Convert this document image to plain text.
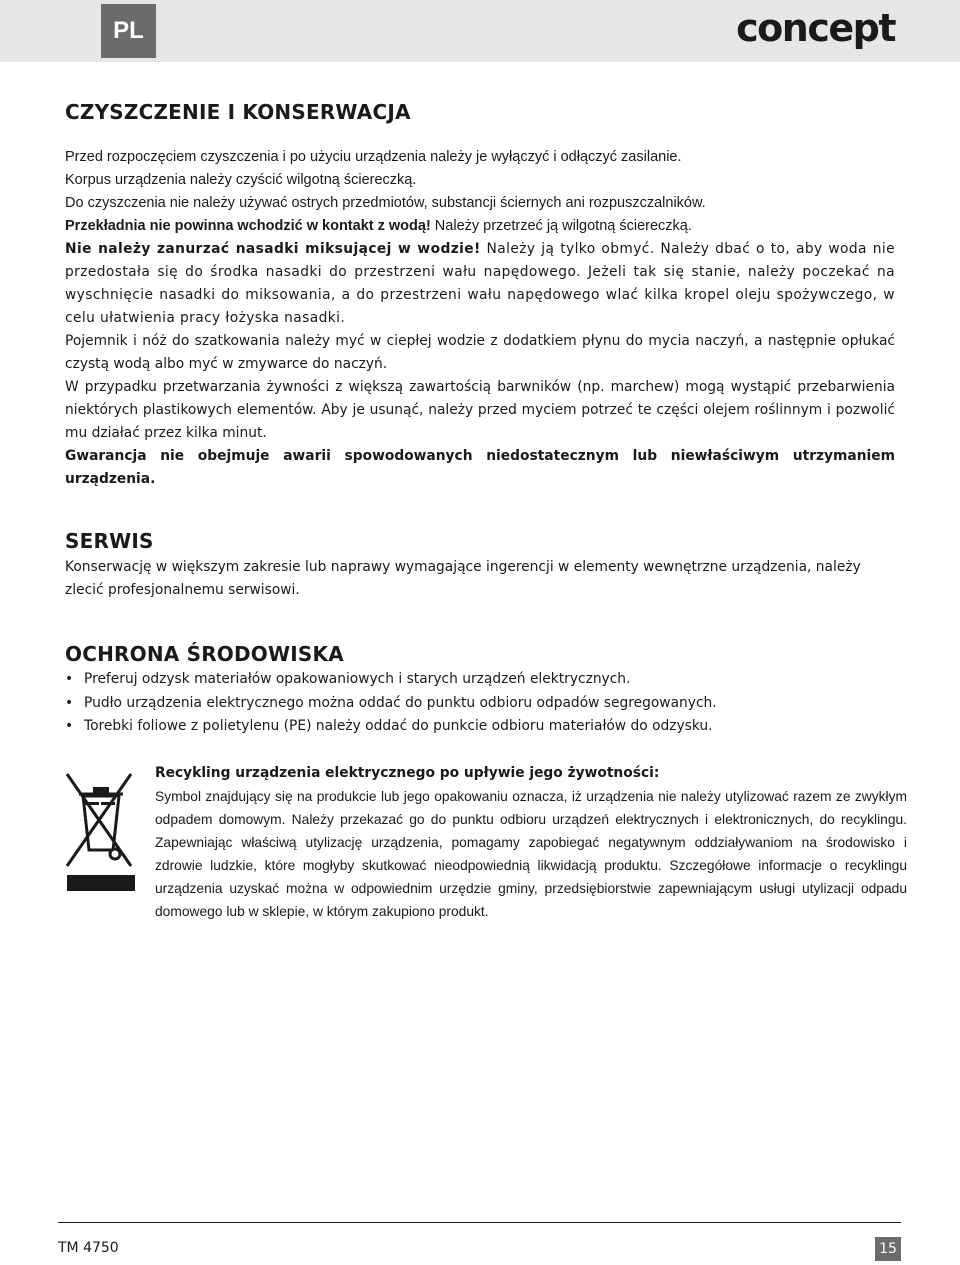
PL	concept
CZYSZCZENIE I KONSERWACJA

Przed rozpoczęciem czyszczenia i po użyciu urządzenia należy je wyłączyć i odłączyć zasilanie.

Korpus urządzenia należy czyścić wilgotną ściereczką.

Do czyszczenia nie należy używać ostrych przedmiotów, substancji ściernych ani rozpuszczalników.

Przekładnia nie powinna wchodzić w kontakt z wodą! Należy przetrzeć ją wilgotną ściereczką.

Nie należy zanurzać nasadki miksującej w wodzie! Należy ją tylko obmyć. Należy dbać o to, aby woda nie przedostała się do środka nasadki do przestrzeni wału napędowego. Jeżeli tak się stanie, należy poczekać na wyschnięcie nasadki do miksowania, a do przestrzeni wału napędowego wlać kilka kropel oleju spożywczego, w celu ułatwienia pracy łożyska nasadki.

Pojemnik i nóż do szatkowania należy myć w ciepłej wodzie z dodatkiem płynu do mycia naczyń, a następnie opłukać czystą wodą albo myć w zmywarce do naczyń.

W przypadku przetwarzania żywności z większą zawartością barwników (np. marchew) mogą wystąpić przebarwienia niektórych plastikowych elementów. Aby je usunąć, należy przed myciem potrzeć te części olejem roślinnym i pozwolić mu działać przez kilka minut.

Gwarancja nie obejmuje awarii spowodowanych niedostatecznym lub niewłaściwym utrzymaniem urządzenia.

SERWIS

Konserwację w większym zakresie lub naprawy wymagające ingerencji w elementy wewnętrzne urządzenia, należy zlecić profesjonalnemu serwisowi.

OCHRONA ŚRODOWISKA
• Preferuj odzysk materiałów opakowaniowych i starych urządzeń elektrycznych.
• Pudło urządzenia elektrycznego można oddać do punktu odbioru odpadów segregowanych.
• Torebki foliowe z polietylenu (PE) należy oddać do punkcie odbioru materiałów do odzysku.

Recykling urządzenia elektrycznego po upływie jego żywotności:

Symbol znajdujący się na produkcie lub jego opakowaniu oznacza, iż urządzenia nie należy utylizować razem ze zwykłym odpadem domowym. Należy przekazać go do punktu odbioru urządzeń elektrycznych i elektronicznych, do recyklingu. Zapewniając właściwą utylizację urządzenia, pomagamy zapobiegać negatywnym oddziaływaniom na środowisko i zdrowie ludzkie, które mogłyby skutkować nieodpowiednią likwidacją produktu. Szczegółowe informacje o recyklingu urządzenia uzyskać można w odpowiednim urzędzie gminy, przedsiębiorstwie zapewniającym usługi utylizacji odpadu domowego lub w sklepie, w którym zakupiono produkt.

TM 4750	15
